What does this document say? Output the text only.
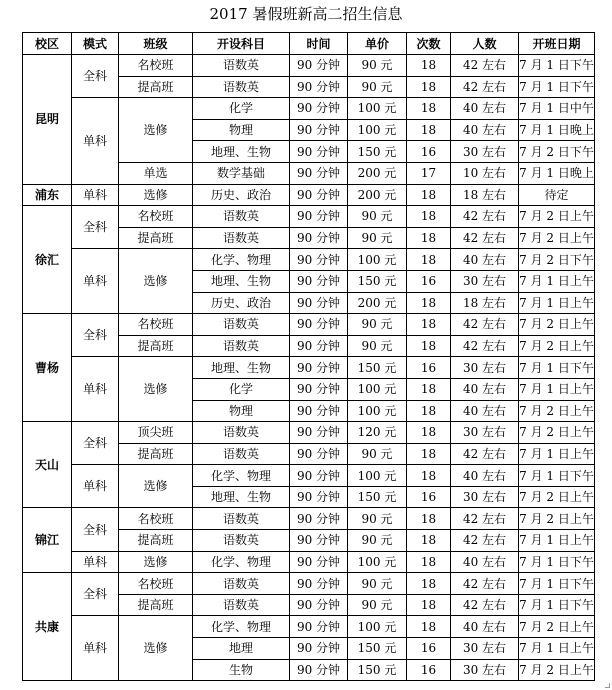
2017 暑假班新高二招生信息
校区	模式	班级	开设科目	时间	单价	次数	人数	开班日期
昆明	全科	名校班	语数英	90 分钟	90 元	18	42 左右	7 月 1 日下午
		提高班	语数英	90 分钟	90 元	18	42 左右	7 月 1 日下午
	单科	选修	化学	90 分钟	100 元	18	40 左右	7 月 1 日中午
			物理	90 分钟	100 元	18	40 左右	7 月 1 日晚上
			地理、生物	90 分钟	150 元	16	30 左右	7 月 2 日下午
		单选	数学基础	90 分钟	200 元	17	10 左右	7 月 1 日晚上
浦东	单科	选修	历史、政治	90 分钟	200 元	18	18 左右	待定
徐汇	全科	名校班	语数英	90 分钟	90 元	18	42 左右	7 月 2 日上午
		提高班	语数英	90 分钟	90 元	18	42 左右	7 月 2 日上午
	单科	选修	化学、物理	90 分钟	100 元	18	40 左右	7 月 2 日下午
			地理、生物	90 分钟	150 元	16	30 左右	7 月 1 日上午
			历史、政治	90 分钟	200 元	18	18 左右	7 月 1 日上午
曹杨	全科	名校班	语数英	90 分钟	90 元	18	42 左右	7 月 2 日上午
		提高班	语数英	90 分钟	90 元	18	42 左右	7 月 2 日上午
	单科	选修	地理、生物	90 分钟	150 元	16	30 左右	7 月 1 日下午
			化学	90 分钟	100 元	18	40 左右	7 月 1 日上午
			物理	90 分钟	100 元	18	40 左右	7 月 2 日上午
天山	全科	顶尖班	语数英	90 分钟	120 元	18	30 左右	7 月 2 日上午
		提高班	语数英	90 分钟	90 元	18	42 左右	7 月 1 日上午
	单科	选修	化学、物理	90 分钟	100 元	18	40 左右	7 月 1 日下午
			地理、生物	90 分钟	150 元	16	30 左右	7 月 2 日上午
锦江	全科	名校班	语数英	90 分钟	90 元	18	42 左右	7 月 2 日上午
		提高班	语数英	90 分钟	90 元	18	42 左右	7 月 1 日上午
	单科	选修	化学、物理	90 分钟	100 元	18	40 左右	7 月 1 日下午
共康	全科	名校班	语数英	90 分钟	90 元	18	42 左右	7 月 1 日下午
		提高班	语数英	90 分钟	90 元	18	42 左右	7 月 1 日下午
	单科	选修	化学、物理	90 分钟	100 元	18	40 左右	7 月 2 日上午
			地理	90 分钟	150 元	16	30 左右	7 月 1 日上午
			生物	90 分钟	150 元	16	30 左右	7 月 2 日上午
